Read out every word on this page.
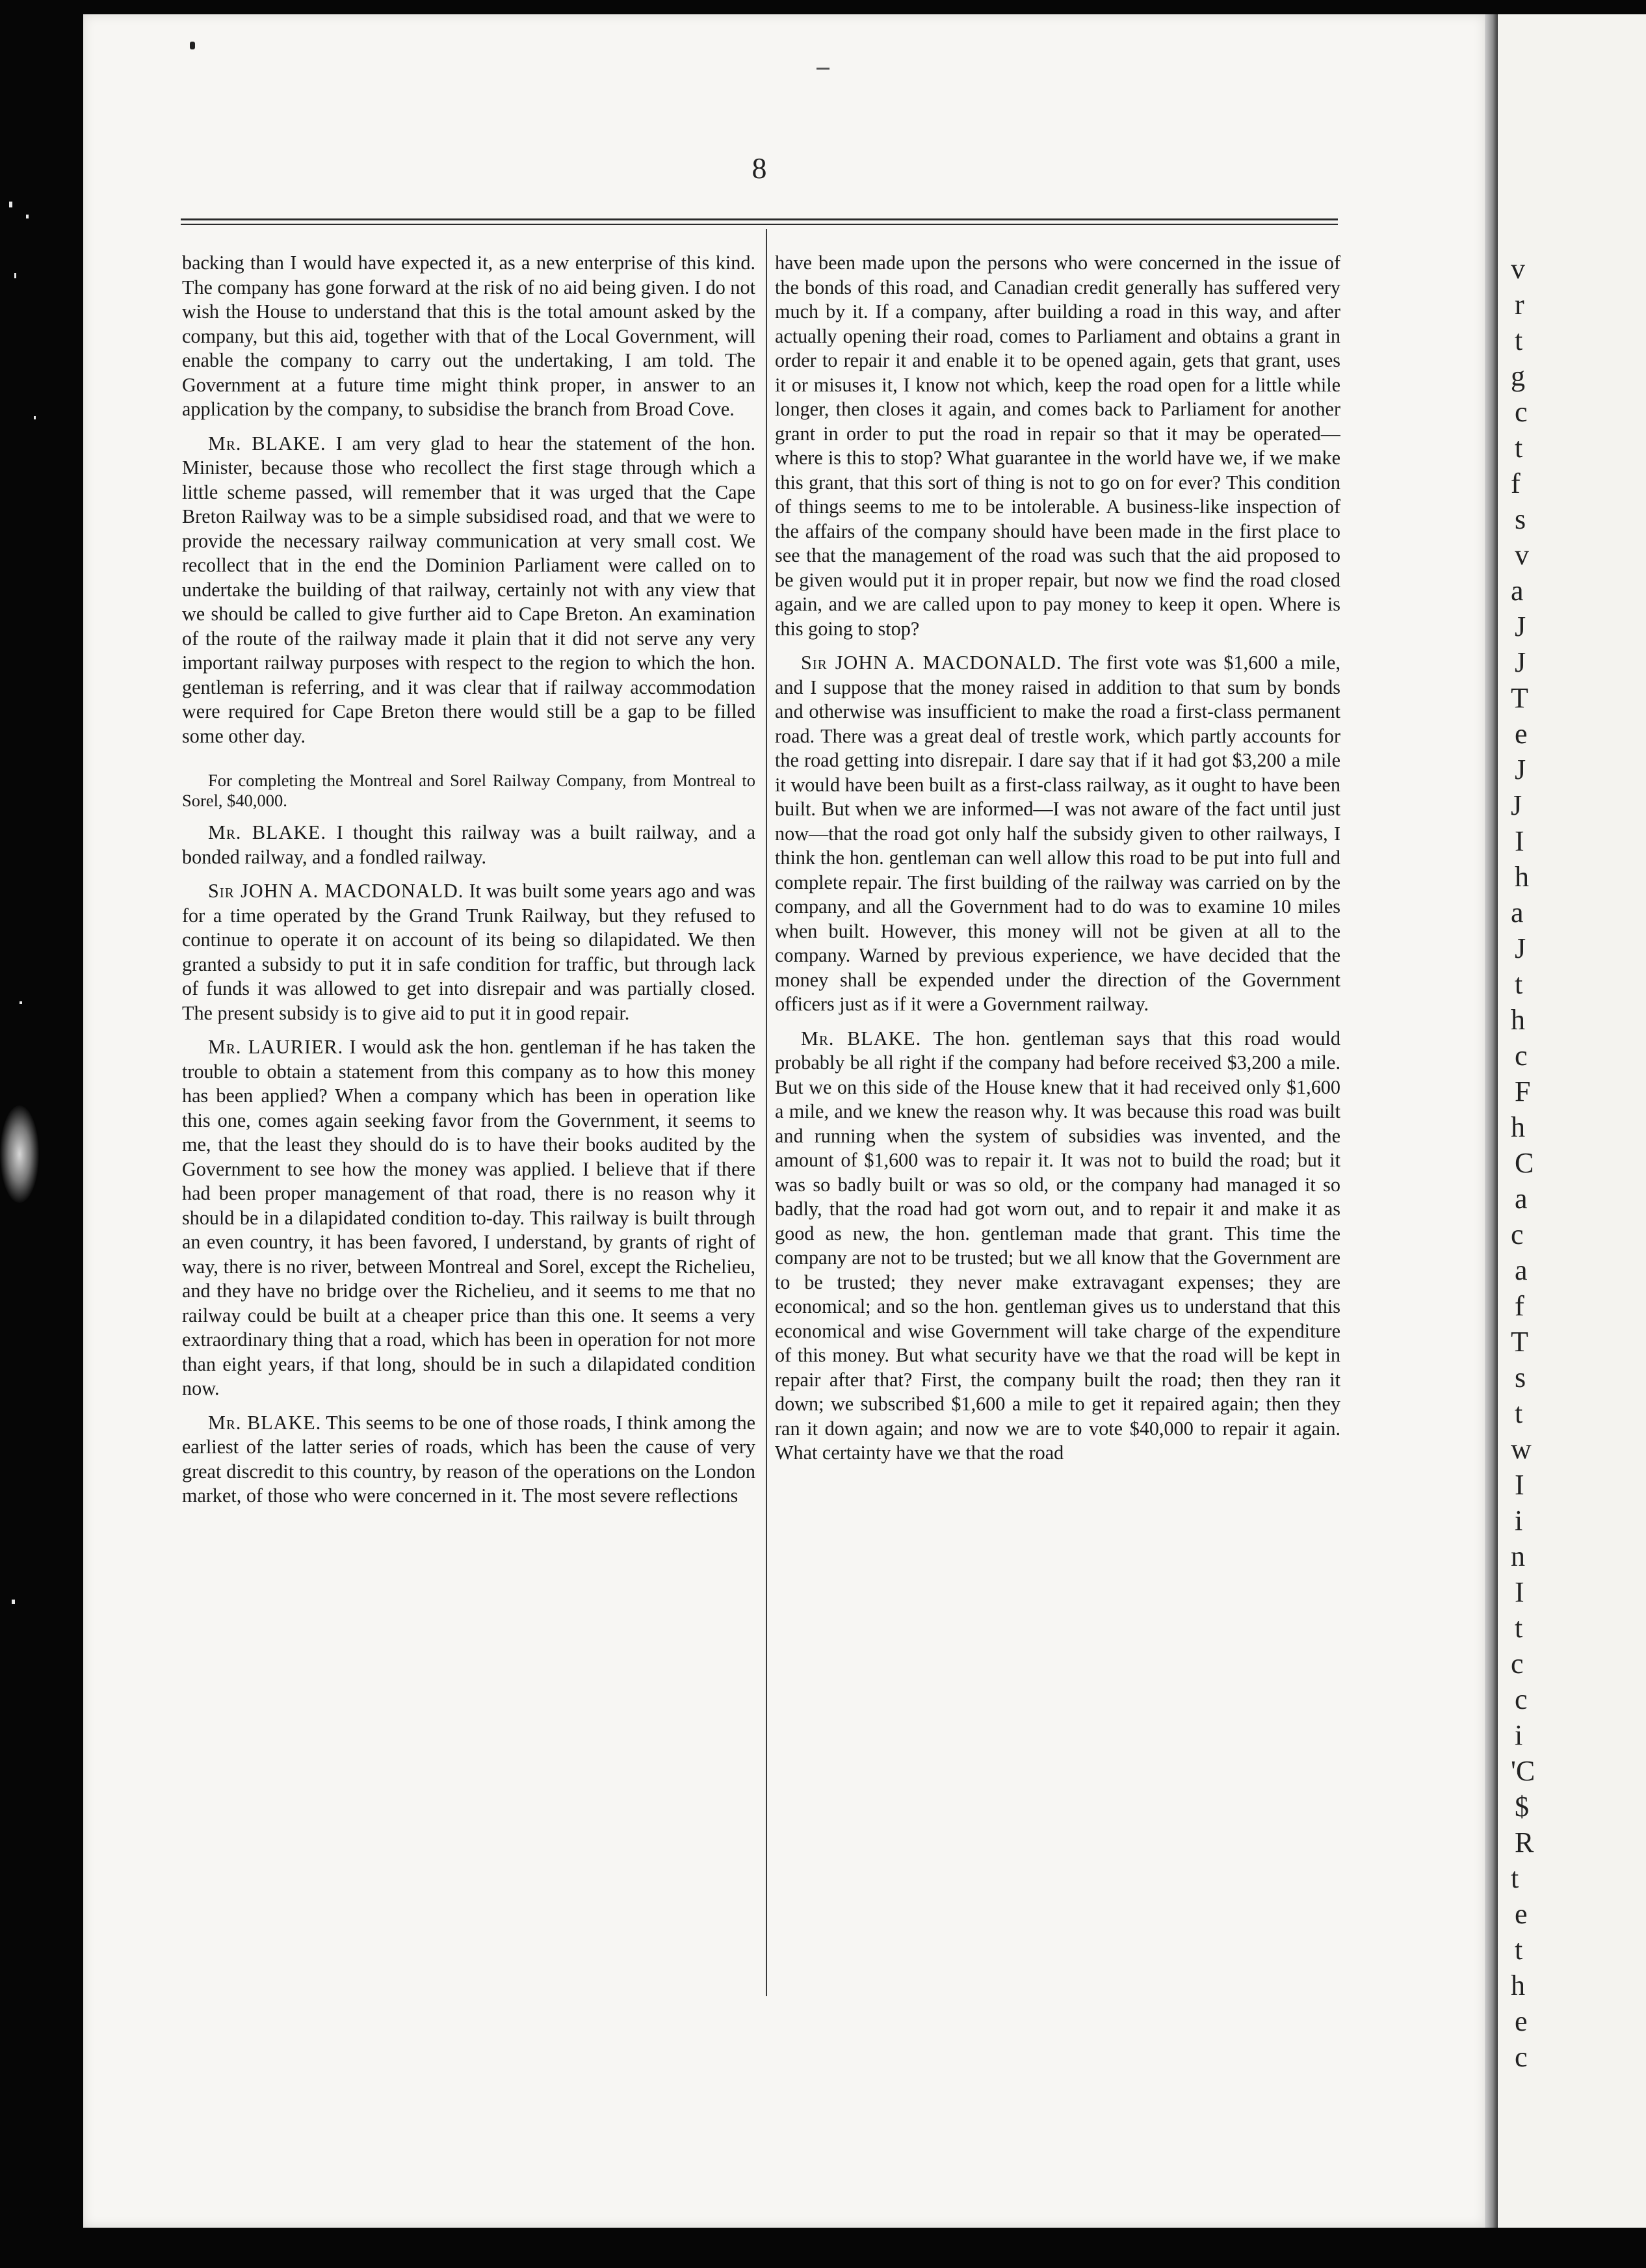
v
r
t
g
c
t
f
s
v
a
J
J
T
e
J
J
I
h
a
J
t
h
c
F
h
C
a
c
a
f
T
s
t
w
I
i
n
I
t
c
c
i
'C
$
R
t
e
t
h
e
c
8

backing than I would have expected it, as a new enterprise of this kind. The company has gone forward at the risk of no aid being given. I do not wish the House to understand that this is the total amount asked by the company, but this aid, together with that of the Local Government, will enable the company to carry out the undertaking, I am told. The Government at a future time might think proper, in answer to an application by the company, to subsidise the branch from Broad Cove.

Mr. BLAKE. I am very glad to hear the statement of the hon. Minister, because those who recollect the first stage through which a little scheme passed, will remember that it was urged that the Cape Breton Railway was to be a simple subsidised road, and that we were to provide the necessary railway communication at very small cost. We recollect that in the end the Dominion Parliament were called on to undertake the building of that railway, certainly not with any view that we should be called to give further aid to Cape Breton. An examination of the route of the railway made it plain that it did not serve any very important railway purposes with respect to the region to which the hon. gentleman is referring, and it was clear that if railway accommodation were required for Cape Breton there would still be a gap to be filled some other day.

For completing the Montreal and Sorel Railway Company, from Montreal to Sorel, $40,000.

Mr. BLAKE. I thought this railway was a built railway, and a bonded railway, and a fondled railway.

Sir JOHN A. MACDONALD. It was built some years ago and was for a time operated by the Grand Trunk Railway, but they refused to continue to operate it on account of its being so dilapidated. We then granted a subsidy to put it in safe condition for traffic, but through lack of funds it was allowed to get into disrepair and was partially closed. The present subsidy is to give aid to put it in good repair.

Mr. LAURIER. I would ask the hon. gentleman if he has taken the trouble to obtain a statement from this company as to how this money has been applied? When a company which has been in operation like this one, comes again seeking favor from the Government, it seems to me, that the least they should do is to have their books audited by the Government to see how the money was applied. I believe that if there had been proper management of that road, there is no reason why it should be in a dilapidated condition to-day. This railway is built through an even country, it has been favored, I understand, by grants of right of way, there is no river, between Montreal and Sorel, except the Richelieu, and they have no bridge over the Richelieu, and it seems to me that no railway could be built at a cheaper price than this one. It seems a very extraordinary thing that a road, which has been in operation for not more than eight years, if that long, should be in such a dilapidated condition now.

Mr. BLAKE. This seems to be one of those roads, I think among the earliest of the latter series of roads, which has been the cause of very great discredit to this country, by reason of the operations on the London market, of those who were concerned in it. The most severe reflections

have been made upon the persons who were concerned in the issue of the bonds of this road, and Canadian credit generally has suffered very much by it. If a company, after building a road in this way, and after actually opening their road, comes to Parliament and obtains a grant in order to repair it and enable it to be opened again, gets that grant, uses it or misuses it, I know not which, keep the road open for a little while longer, then closes it again, and comes back to Parliament for another grant in order to put the road in repair so that it may be operated—where is this to stop? What guarantee in the world have we, if we make this grant, that this sort of thing is not to go on for ever? This condition of things seems to me to be intolerable. A business-like inspection of the affairs of the company should have been made in the first place to see that the management of the road was such that the aid proposed to be given would put it in proper repair, but now we find the road closed again, and we are called upon to pay money to keep it open. Where is this going to stop?

Sir JOHN A. MACDONALD. The first vote was $1,600 a mile, and I suppose that the money raised in addition to that sum by bonds and otherwise was insufficient to make the road a first-class permanent road. There was a great deal of trestle work, which partly accounts for the road getting into disrepair. I dare say that if it had got $3,200 a mile it would have been built as a first-class railway, as it ought to have been built. But when we are informed—I was not aware of the fact until just now—that the road got only half the subsidy given to other railways, I think the hon. gentleman can well allow this road to be put into full and complete repair. The first building of the railway was carried on by the company, and all the Government had to do was to examine 10 miles when built. However, this money will not be given at all to the company. Warned by previous experience, we have decided that the money shall be expended under the direction of the Government officers just as if it were a Government railway.

Mr. BLAKE. The hon. gentleman says that this road would probably be all right if the company had before received $3,200 a mile. But we on this side of the House knew that it had received only $1,600 a mile, and we knew the reason why. It was because this road was built and running when the system of subsidies was invented, and the amount of $1,600 was to repair it. It was not to build the road; but it was so badly built or was so old, or the company had managed it so badly, that the road had got worn out, and to repair it and make it as good as new, the hon. gentleman made that grant. This time the company are not to be trusted; but we all know that the Government are to be trusted; they never make extravagant expenses; they are economical; and so the hon. gentleman gives us to understand that this economical and wise Government will take charge of the expenditure of this money. But what security have we that the road will be kept in repair after that? First, the company built the road; then they ran it down; we subscribed $1,600 a mile to get it repaired again; then they ran it down again; and now we are to vote $40,000 to repair it again. What certainty have we that the road
